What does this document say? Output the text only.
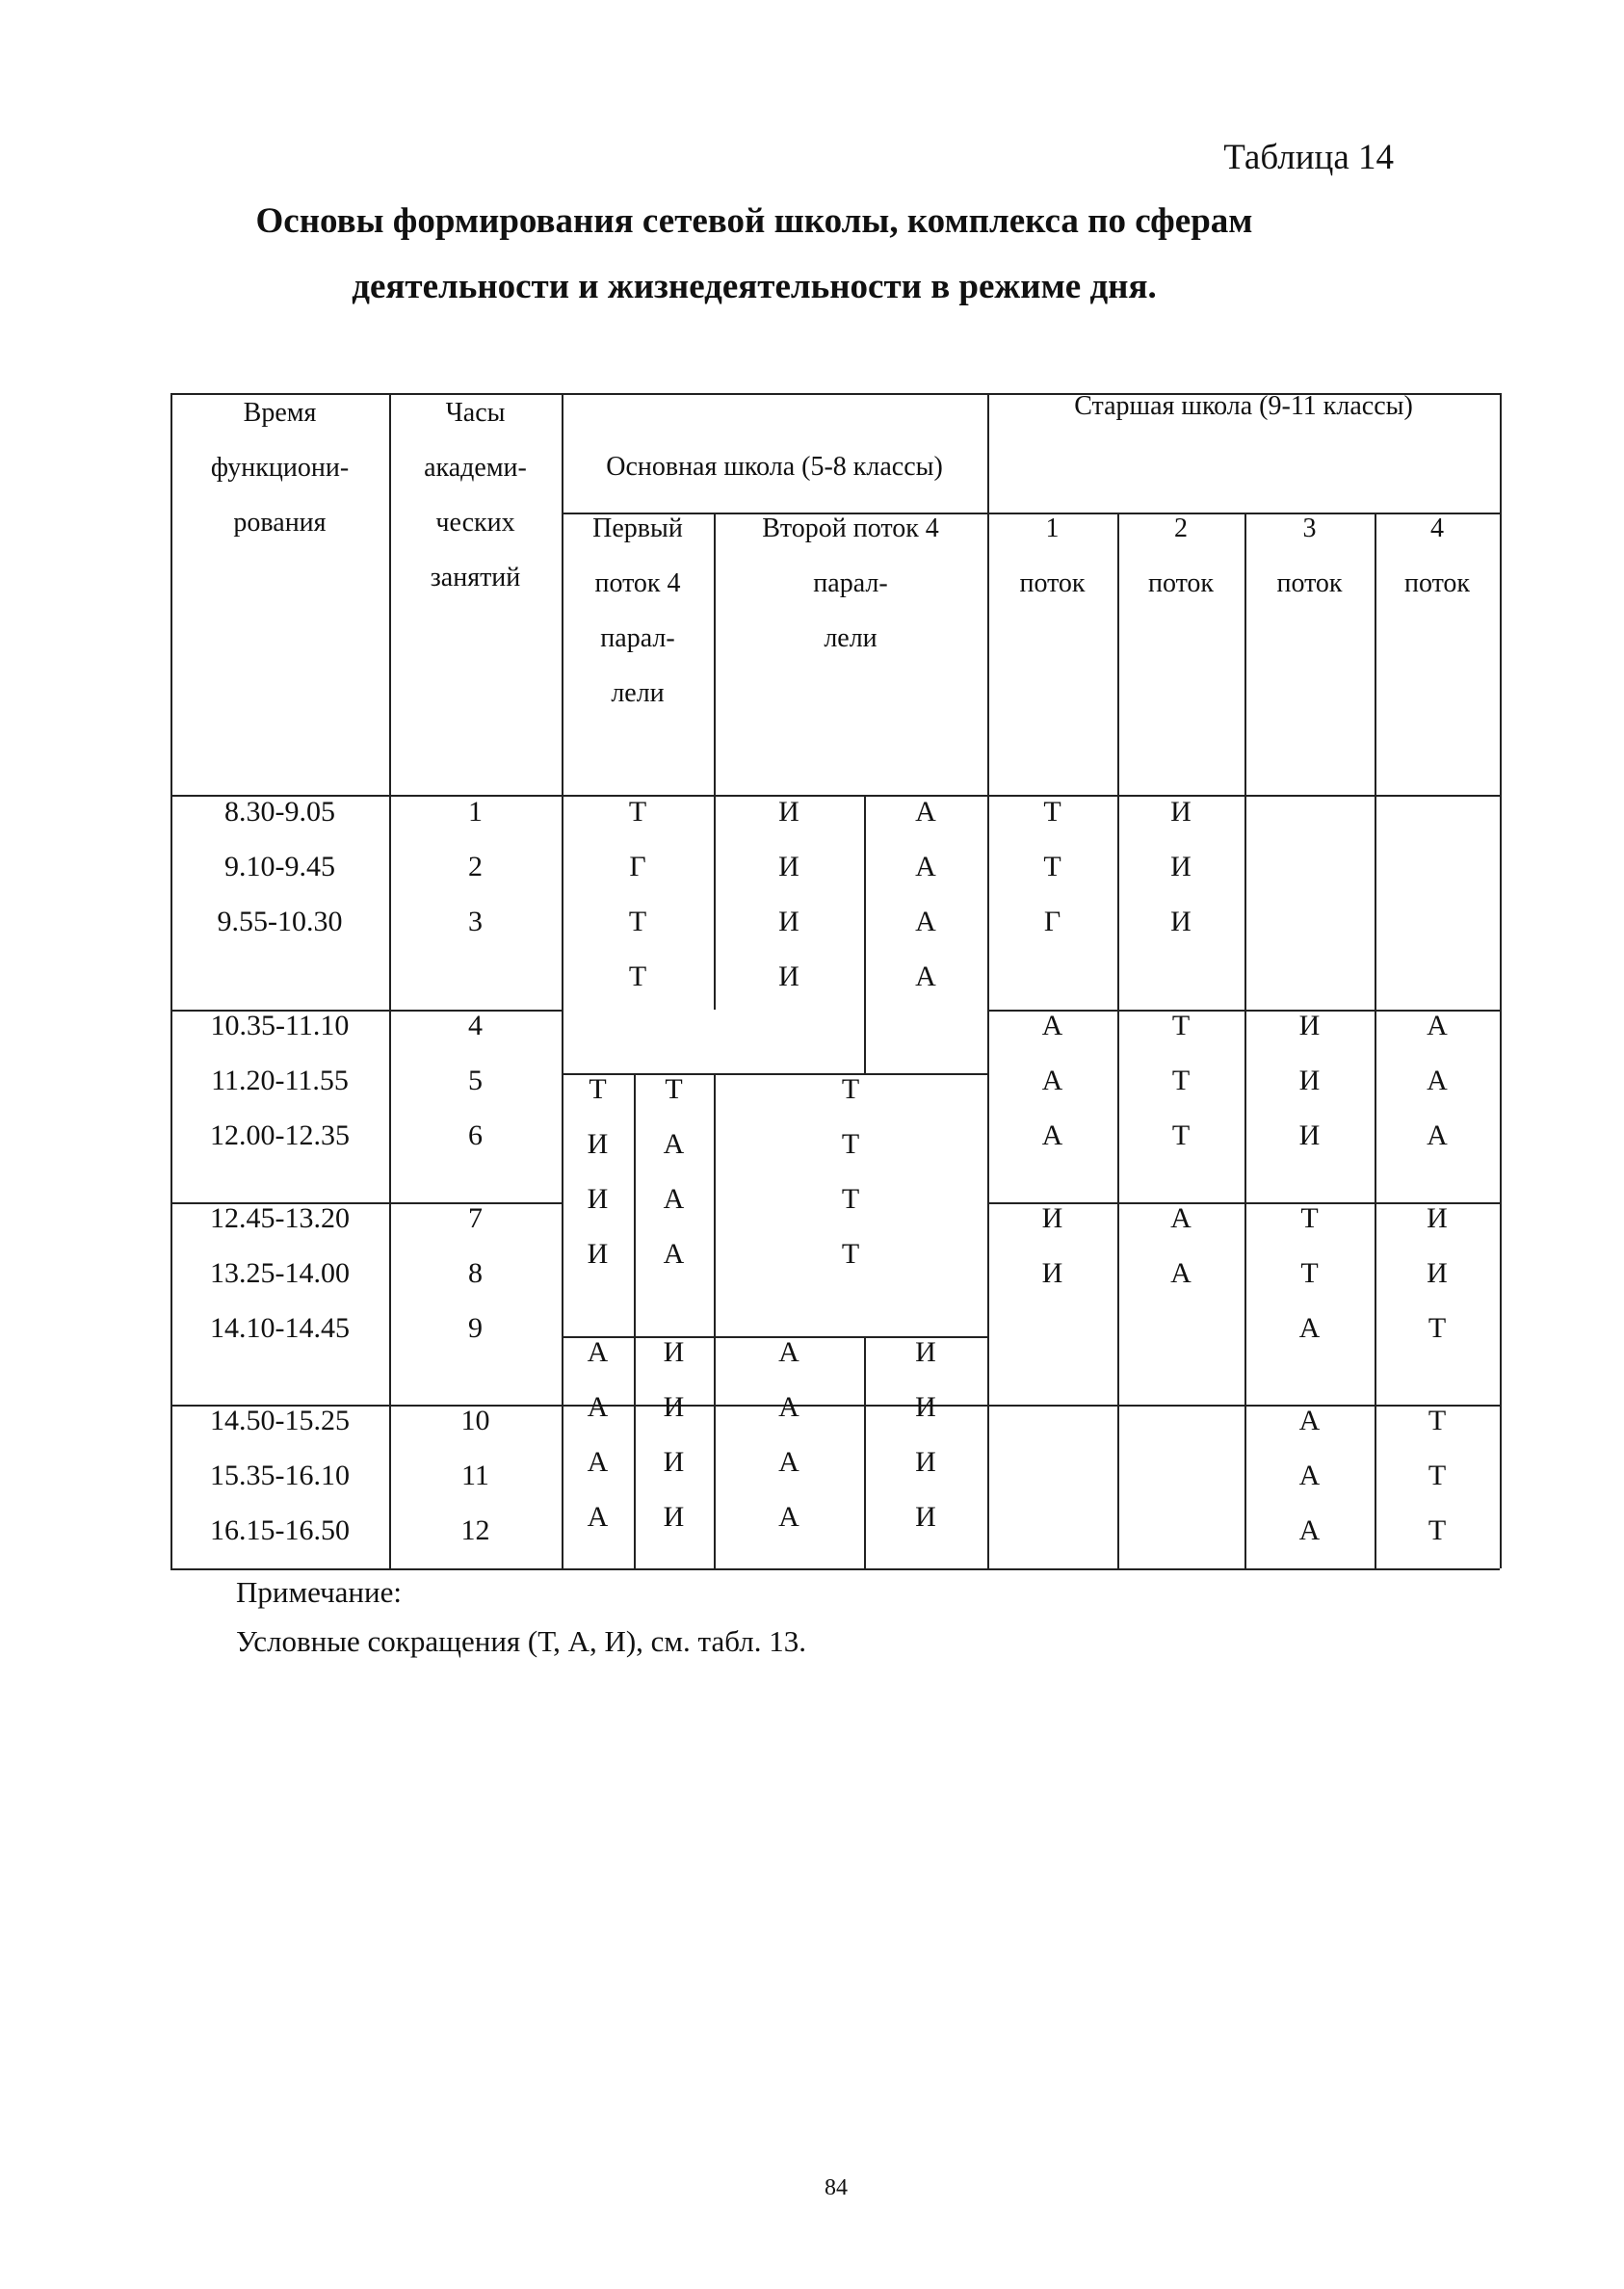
Таблица 14
Основы формирования сетевой школы, комплекса по сферам
деятельности и жизнедеятельности в режиме дня.
Время
функциони-
рования
Часы
академи-
ческих
занятий
Основная школа (5-8 классы)
Старшая школа (9-11 классы)
Первый
поток 4
парал-
лели
Второй поток 4
парал-
лели
1
поток
2
поток
3
поток
4
поток
8.30-9.05
9.10-9.45
9.55-10.30
1
2
3
10.35-11.10
11.20-11.55
12.00-12.35
4
5
6
12.45-13.20
13.25-14.00
14.10-14.45
7
8
9
14.50-15.25
15.35-16.10
16.15-16.50
10
11
12
Т
Г
Т
Т
И
И
И
И
А
А
А
А
Т
Т
Г
И
И
И
А
А
А
Т
Т
Т
И
И
И
А
А
А
Т
И
И
И
Т
А
А
А
Т
Т
Т
Т
И
И
А
А
Т
Т
А
И
И
Т
А
А
А
А
И
И
И
И
А
А
А
А
И
И
И
И
А
А
А
Т
Т
Т
Примечание:
Условные сокращения (Т, А, И), см. табл. 13.
84
